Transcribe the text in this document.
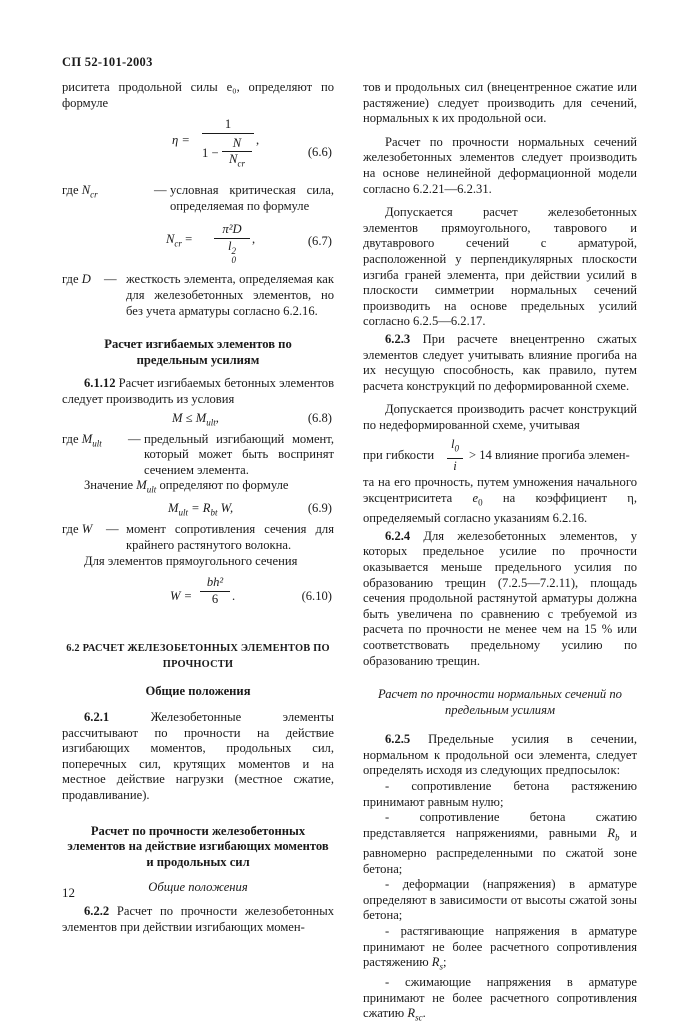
СП 52-101-2003

риситета продольной силы e₀, определяют по формуле

η =
1
1 −
N
$N_{cr}$
,
(6.6)
где $N_{cr}$	— условная критическая сила, определяемая по формуле

$N_{cr}$ =
π²D
l 2
0
,	(6.7)
где D — жесткость элемента, определяемая как для железобетонных элементов, но без учета арматуры согласно 6.2.16.

Расчет изгибаемых элементов по предельным усилиям

6.1.12 Расчет изгибаемых бетонных элементов следует производить из условия

$M \le M_{ult}$,	(6.8)
где $M_{ult}$ — предельный изгибающий момент, который может быть воспринят сечением элемента.

Значение $M_{ult}$ определяют по формуле

$M_{ult} = R_{bt}$ W,	(6.9)
где W — момент сопротивления сечения для крайнего растянутого волокна.

Для элементов прямоугольного сечения

$W = \frac{\text{bh²}}{6}$ .	(6.10)

6.2 РАСЧЕТ ЖЕЛЕЗОБЕТОННЫХ ЭЛЕМЕНТОВ ПО ПРОЧНОСТИ

Общие положения

6.2.1	Железобетонные элементы рассчитывают по прочности на действие изгибающих моментов, продольных сил, поперечных сил, крутящих моментов и на местное действие нагрузки (местное сжатие, продавливание).

Расчет по прочности железобетонных элементов на действие изгибающих моментов и продольных сил

Общие положения

6.2.2 Расчет по прочности железобетонных элементов при действии изгибающих момен-

тов и продольных сил (внецентренное сжатие или растяжение) следует производить для сечений, нормальных к их продольной оси.

Расчет по прочности нормальных сечений железобетонных элементов следует производить на основе нелинейной деформационной модели согласно 6.2.21—6.2.31.

Допускается расчет железобетонных элементов прямоугольного, таврового и двутаврового сечений с арматурой, расположенной у перпендикулярных плоскости изгиба граней элемента, при действии усилий в плоскости симметрии нормальных сечений производить на основе предельных усилий согласно 6.2.5—6.2.17.

6.2.3 При расчете внецентренно сжатых элементов следует учитывать влияние прогиба на их несущую способность, как правило, путем расчета конструкций по деформированной схеме.

Допускается производить расчет конструкций по недеформированной схеме, учитывая

при гибкости
$l_0$
i
> 14 влияние прогиба элемен-

та на его прочность, путем умножения начального эксцентриситета $e_0$ на коэффициент η, определяемый согласно указаниям 6.2.16.

6.2.4 Для железобетонных элементов, у которых предельное усилие по прочности оказывается меньше предельного усилия по образованию трещин (7.2.5—7.2.11), площадь сечения продольной растянутой арматуры должна быть увеличена по сравнению с требуемой из расчета по прочности не менее чем на 15 % или соответствовать предельному усилию по образованию трещин.

Расчет по прочности нормальных сечений по предельным усилиям

6.2.5 Предельные усилия в сечении, нормальном к продольной оси элемента, следует определять исходя из следующих предпосылок:

- сопротивление бетона растяжению принимают равным нулю;

- сопротивление бетона сжатию представляется напряжениями, равными $R_b$ и равномерно распределенными по сжатой зоне бетона;

- деформации (напряжения) в арматуре определяют в зависимости от высоты сжатой зоны бетона;

- растягивающие напряжения в арматуре принимают не более расчетного сопротивления растяжению $R_s$;

- сжимающие напряжения в арматуре принимают не более расчетного сопротивления сжатию $R_{sc}$.

12
